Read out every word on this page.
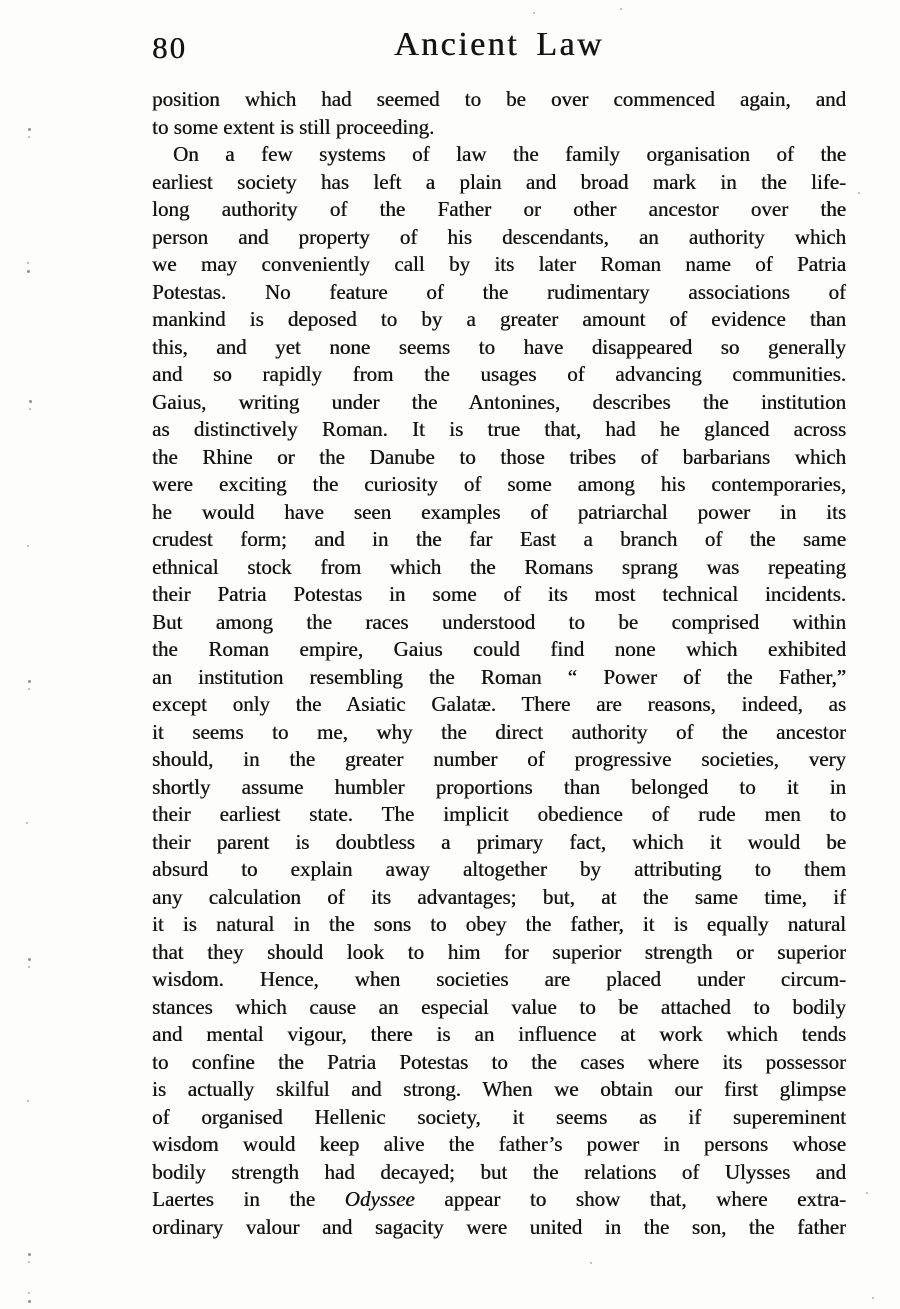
80	Ancient Law
position which had seemed to be over commenced again, and
to some extent is still proceeding.
On a few systems of law the family organisation of the
earliest society has left a plain and broad mark in the life-
long authority of the Father or other ancestor over the
person and property of his descendants, an authority which
we may conveniently call by its later Roman name of Patria
Potestas. No feature of the rudimentary associations of
mankind is deposed to by a greater amount of evidence than
this, and yet none seems to have disappeared so generally
and so rapidly from the usages of advancing communities.
Gaius, writing under the Antonines, describes the institution
as distinctively Roman. It is true that, had he glanced across
the Rhine or the Danube to those tribes of barbarians which
were exciting the curiosity of some among his contemporaries,
he would have seen examples of patriarchal power in its
crudest form; and in the far East a branch of the same
ethnical stock from which the Romans sprang was repeating
their Patria Potestas in some of its most technical incidents.
But among the races understood to be comprised within
the Roman empire, Gaius could find none which exhibited
an institution resembling the Roman “ Power of the Father,”
except only the Asiatic Galatæ. There are reasons, indeed, as
it seems to me, why the direct authority of the ancestor
should, in the greater number of progressive societies, very
shortly assume humbler proportions than belonged to it in
their earliest state. The implicit obedience of rude men to
their parent is doubtless a primary fact, which it would be
absurd to explain away altogether by attributing to them
any calculation of its advantages; but, at the same time, if
it is natural in the sons to obey the father, it is equally natural
that they should look to him for superior strength or superior
wisdom. Hence, when societies are placed under circum-
stances which cause an especial value to be attached to bodily
and mental vigour, there is an influence at work which tends
to confine the Patria Potestas to the cases where its possessor
is actually skilful and strong. When we obtain our first glimpse
of organised Hellenic society, it seems as if supereminent
wisdom would keep alive the father’s power in persons whose
bodily strength had decayed; but the relations of Ulysses and
Laertes in the Odyssee appear to show that, where extra-
ordinary valour and sagacity were united in the son, the father
